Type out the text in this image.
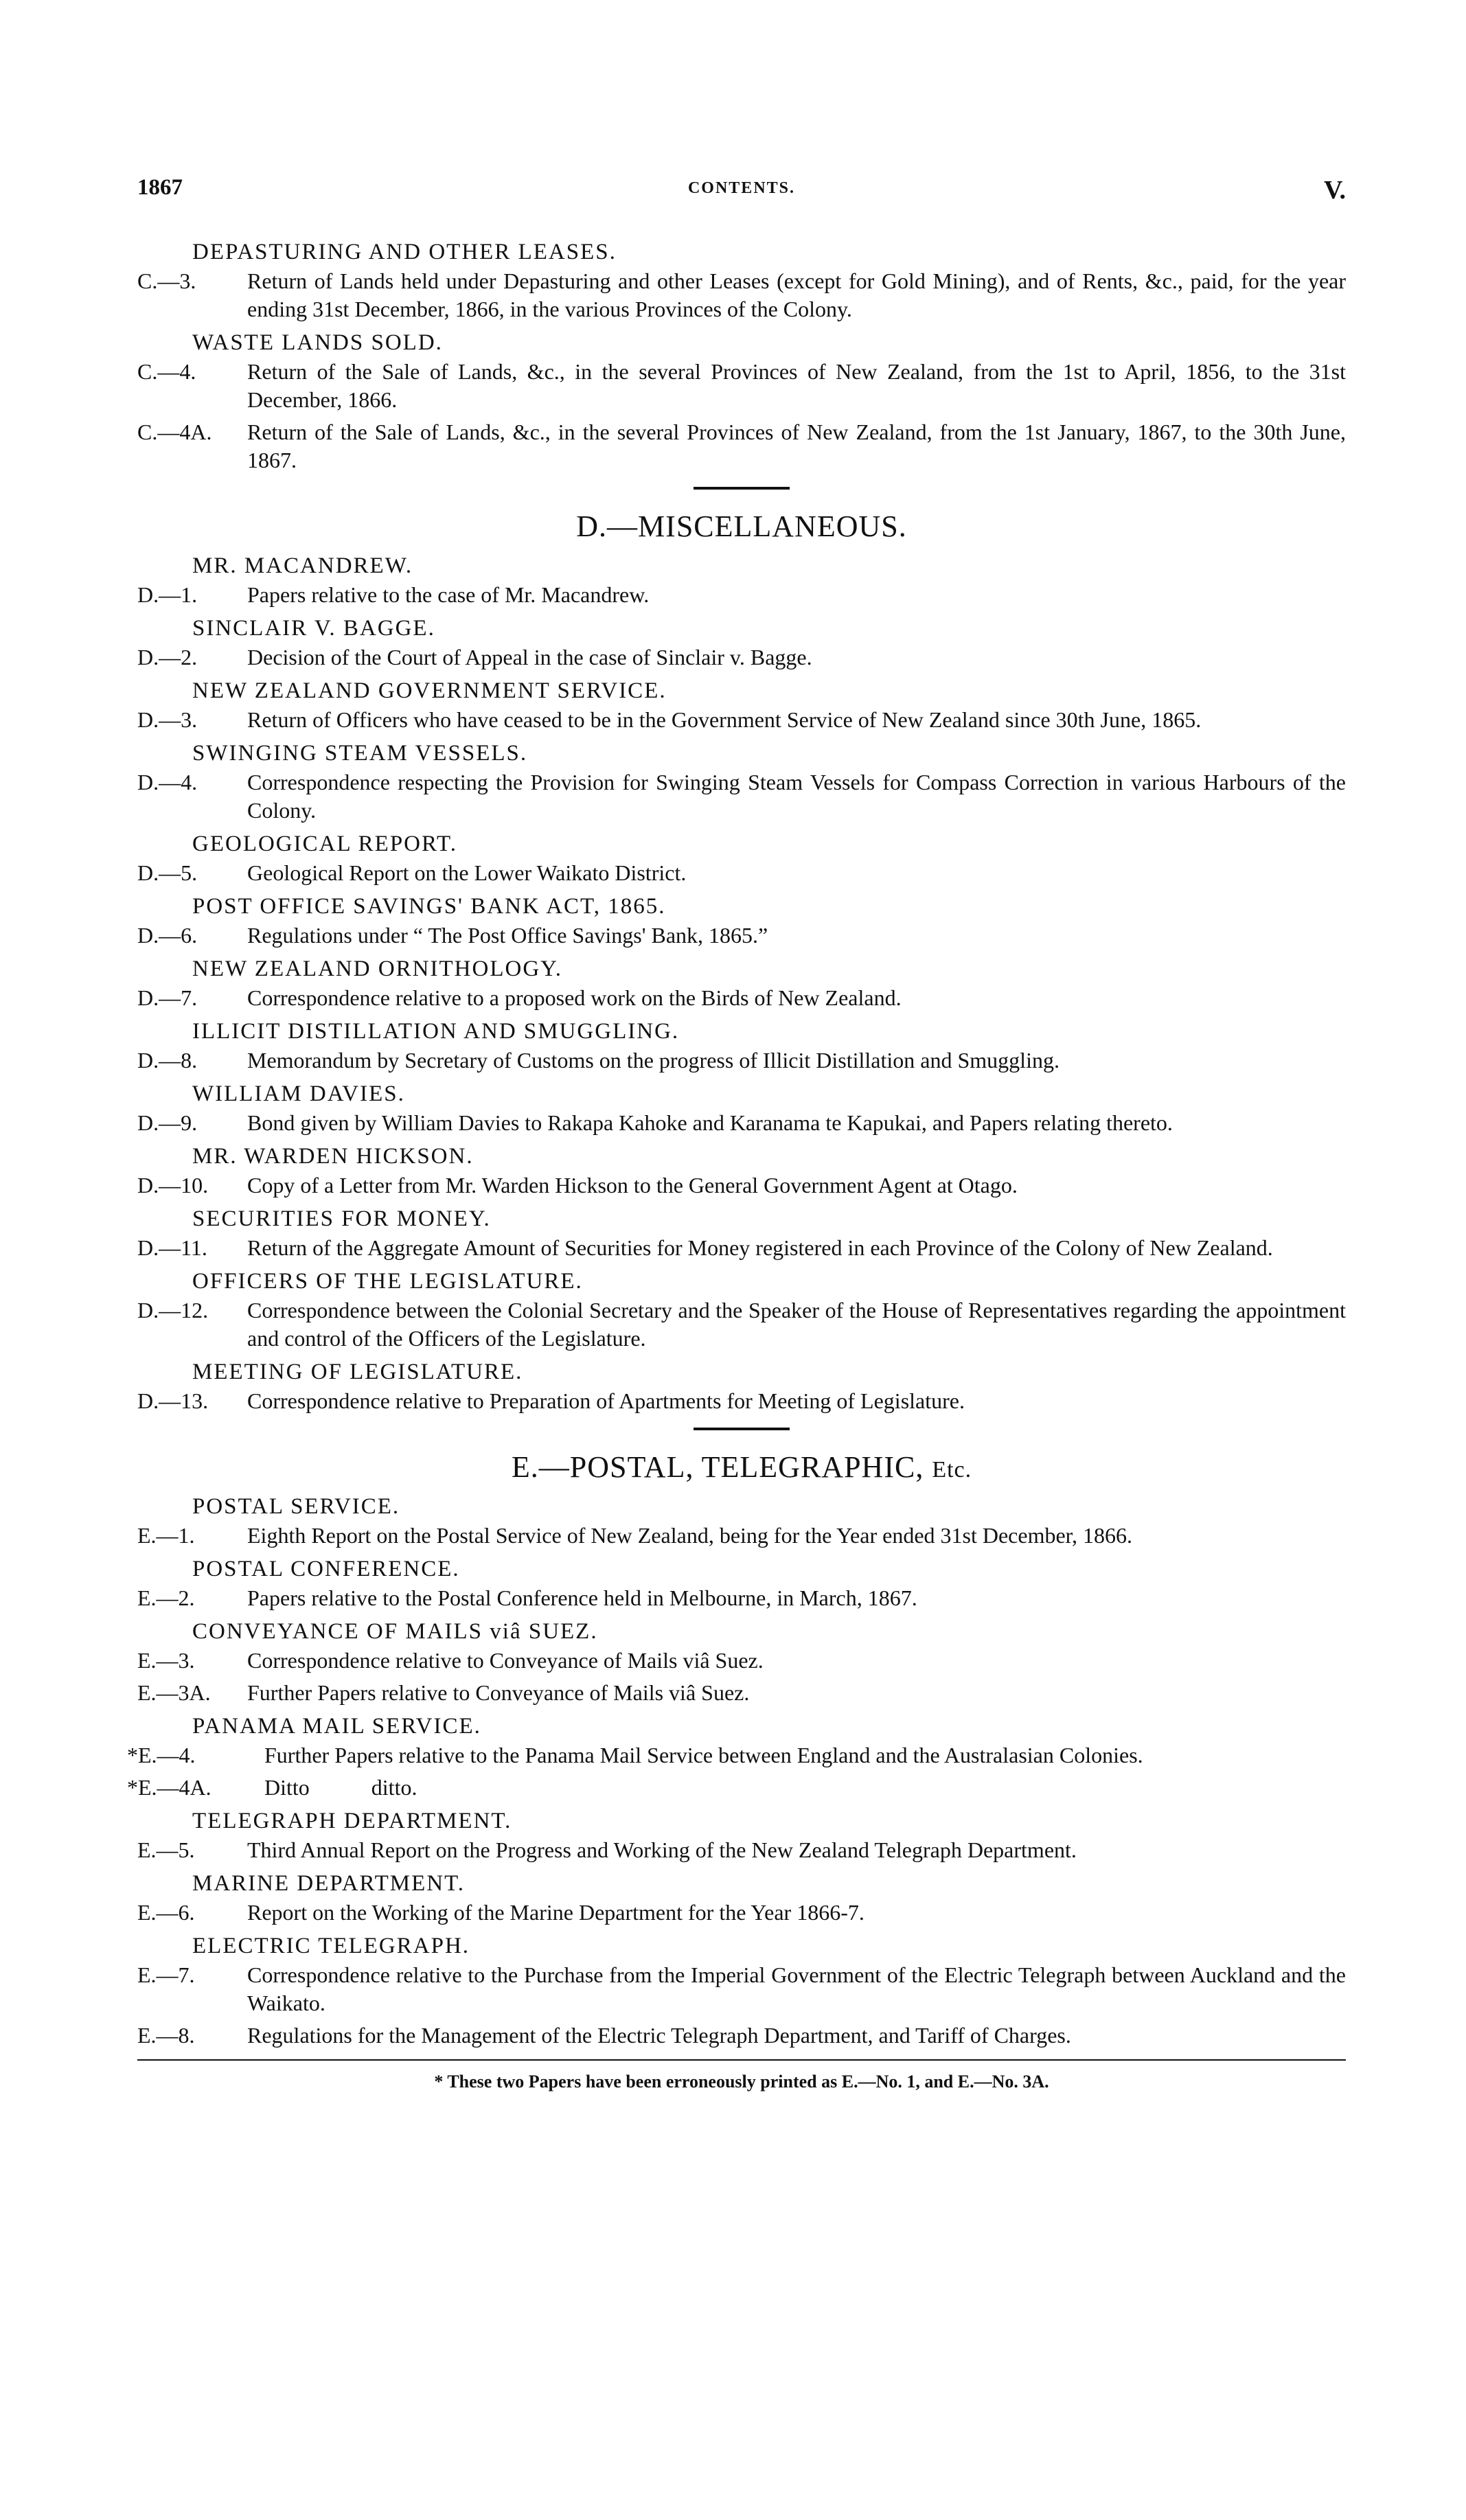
1867	CONTENTS.	V.
DEPASTURING AND OTHER LEASES.
C.—3.	Return of Lands held under Depasturing and other Leases (except for Gold Mining), and of Rents, &c., paid, for the year ending 31st December, 1866, in the various Provinces of the Colony.
WASTE LANDS SOLD.
C.—4.	Return of the Sale of Lands, &c., in the several Provinces of New Zealand, from the 1st to April, 1856, to the 31st December, 1866.
C.—4A.	Return of the Sale of Lands, &c., in the several Provinces of New Zealand, from the 1st January, 1867, to the 30th June, 1867.
D.—MISCELLANEOUS.
MR. MACANDREW.
D.—1.	Papers relative to the case of Mr. Macandrew.
SINCLAIR V. BAGGE.
D.—2.	Decision of the Court of Appeal in the case of Sinclair v. Bagge.
NEW ZEALAND GOVERNMENT SERVICE.
D.—3.	Return of Officers who have ceased to be in the Government Service of New Zealand since 30th June, 1865.
SWINGING STEAM VESSELS.
D.—4.	Correspondence respecting the Provision for Swinging Steam Vessels for Compass Correction in various Harbours of the Colony.
GEOLOGICAL REPORT.
D.—5.	Geological Report on the Lower Waikato District.
POST OFFICE SAVINGS' BANK ACT, 1865.
D.—6.	Regulations under “ The Post Office Savings' Bank, 1865.”
NEW ZEALAND ORNITHOLOGY.
D.—7.	Correspondence relative to a proposed work on the Birds of New Zealand.
ILLICIT DISTILLATION AND SMUGGLING.
D.—8.	Memorandum by Secretary of Customs on the progress of Illicit Distillation and Smuggling.
WILLIAM DAVIES.
D.—9.	Bond given by William Davies to Rakapa Kahoke and Karanama te Kapukai, and Papers relating thereto.
MR. WARDEN HICKSON.
D.—10.	Copy of a Letter from Mr. Warden Hickson to the General Government Agent at Otago.
SECURITIES FOR MONEY.
D.—11.	Return of the Aggregate Amount of Securities for Money registered in each Province of the Colony of New Zealand.
OFFICERS OF THE LEGISLATURE.
D.—12.	Correspondence between the Colonial Secretary and the Speaker of the House of Representatives regarding the appointment and control of the Officers of the Legislature.
MEETING OF LEGISLATURE.
D.—13.	Correspondence relative to Preparation of Apartments for Meeting of Legislature.
E.—POSTAL, TELEGRAPHIC, Etc.
POSTAL SERVICE.
E.—1.	Eighth Report on the Postal Service of New Zealand, being for the Year ended 31st December, 1866.
POSTAL CONFERENCE.
E.—2.	Papers relative to the Postal Conference held in Melbourne, in March, 1867.
CONVEYANCE OF MAILS viâ SUEZ.
E.—3.	Correspondence relative to Conveyance of Mails viâ Suez.
E.—3A.	Further Papers relative to Conveyance of Mails viâ Suez.
PANAMA MAIL SERVICE.
*E.—4.	Further Papers relative to the Panama Mail Service between England and the Australasian Colonies.
*E.—4A.	Ditto	ditto.
TELEGRAPH DEPARTMENT.
E.—5.	Third Annual Report on the Progress and Working of the New Zealand Telegraph Department.
MARINE DEPARTMENT.
E.—6.	Report on the Working of the Marine Department for the Year 1866-7.
ELECTRIC TELEGRAPH.
E.—7.	Correspondence relative to the Purchase from the Imperial Government of the Electric Telegraph between Auckland and the Waikato.
E.—8.	Regulations for the Management of the Electric Telegraph Department, and Tariff of Charges.
* These two Papers have been erroneously printed as E.—No. 1, and E.—No. 3A.
